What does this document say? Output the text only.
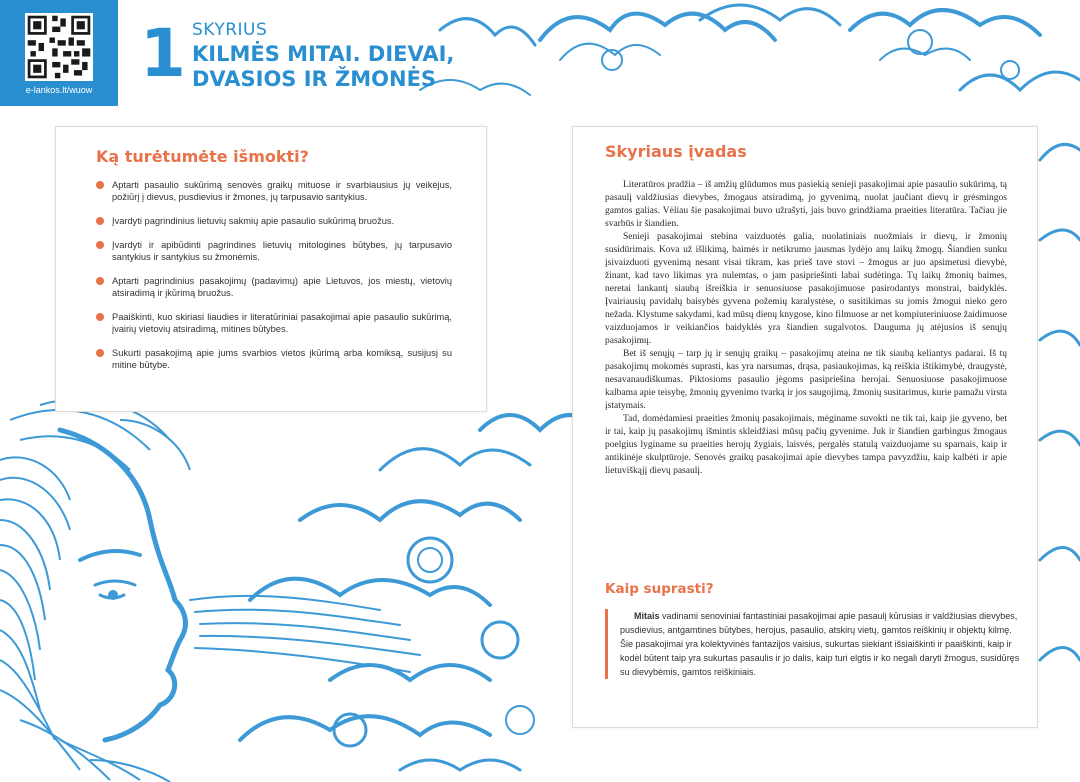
e-lankos.lt/wuow 1 SKYRIUS
KILMĖS MITAI. DIEVAI, DVASIOS IR ŽMONĖS
Ką turėtumėte išmokti?
Aptarti pasaulio sukūrimą senovės graikų mituose ir svarbiausius jų veikėjus, požiūrį į dievus, pusdievius ir žmones, jų tarpusavio santykius.
Įvardyti pagrindinius lietuvių sakmių apie pasaulio sukūrimą bruožus.
Įvardyti ir apibūdinti pagrindines lietuvių mitologines būtybes, jų tarpusavio santykius ir santykius su žmonėmis.
Aptarti pagrindinius pasakojimų (padavimų) apie Lietuvos, jos miestų, vietovių atsiradimą ir įkūrimą bruožus.
Paaiškinti, kuo skiriasi liaudies ir literatūriniai pasakojimai apie pasaulio sukūrimą, įvairių vietovių atsiradimą, mitines būtybes.
Sukurti pasakojimą apie jums svarbios vietos įkūrimą arba komiksą, susijusį su mitine būtybe.
Skyriaus įvadas

Literatūros pradžia – iš amžių glūdumos mus pasiekią senieji pasakojimai apie pasaulio sukūrimą, tą pasaulį valdžiusias dievybes, žmogaus atsiradimą, jo gyvenimą, nuolat jaučiant dievų ir grėsmingos gamtos galias. Vėliau šie pasakojimai buvo užrašyti, jais buvo grindžiama praeities literatūra. Tačiau jie svarbūs ir šiandien.

Senieji pasakojimai stebina vaizduotės galia, nuolatiniais nuožmiais ir dievų, ir žmonių susidūrimais. Kova už išlikimą, baimės ir netikrumo jausmas lydėjo anų laikų žmogų. Šiandien sunku įsivaizduoti gyvenimą nesant visai tikram, kas prieš tave stovi – žmogus ar juo apsimetusi dievybė, žinant, kad tavo likimas yra nulemtas, o jam pasipriešinti labai sudėtinga. Tų laikų žmonių baimes, neretai lankantį siaubą išreiškia ir senuosiuose pasakojimuose pasirodantys monstrai, baidyklės. Įvairiausių pavidalų baisybės gyvena požemių karalystėse, o susitikimas su jomis žmogui nieko gero nežada. Klystume sakydami, kad mūsų dienų knygose, kino filmuose ar net kompiuteriniuose žaidimuose vaizduojamos ir veikiančios baidyklės yra šiandien sugalvotos. Dauguma jų atėjusios iš senųjų pasakojimų.

Bet iš senųjų – tarp jų ir senųjų graikų – pasakojimų ateina ne tik siaubą keliantys padarai. Iš tų pasakojimų mokomės suprasti, kas yra narsumas, drąsa, pasiaukojimas, ką reiškia ištikimybė, draugystė, nesavanaudiškumas. Piktosioms pasaulio jėgoms pasipriešina herojai. Senuosiuose pasakojimuose kalbama apie teisybę, žmonių gyvenimo tvarką ir jos saugojimą, žmonių susitarimus, kurie pamažu virsta įstatymais.

Tad, domėdamiesi praeities žmonių pasakojimais, mėginame suvokti ne tik tai, kaip jie gyveno, bet ir tai, kaip jų pasakojimų išmintis skleidžiasi mūsų pačių gyvenime. Juk ir šiandien garbingus žmogaus poelgius lyginame su praeities herojų žygiais, laisvės, pergalės statulą vaizduojame su sparnais, kaip ir antikinėje skulptūroje. Senovės graikų pasakojimai apie dievybes tampa pavyzdžiu, kaip kalbėti ir apie lietuviškąjį dievų pasaulį.

Kaip suprasti?

Mitais vadinami senoviniai fantastiniai pasakojimai apie pasaulį kūrusias ir valdžiusias dievybes, pusdievius, antgamtines būtybes, herojus, pasaulio, atskirų vietų, gamtos reiškinių ir objektų kilmę. Šie pasakojimai yra kolektyvinės fantazijos vaisius, sukurtas siekiant išsiaiškinti ir paaiškinti, kaip ir kodėl būtent taip yra sukurtas pasaulis ir jo dalis, kaip turi elgtis ir ko negali daryti žmogus, susidūręs su dievybėmis, gamtos reiškiniais.
